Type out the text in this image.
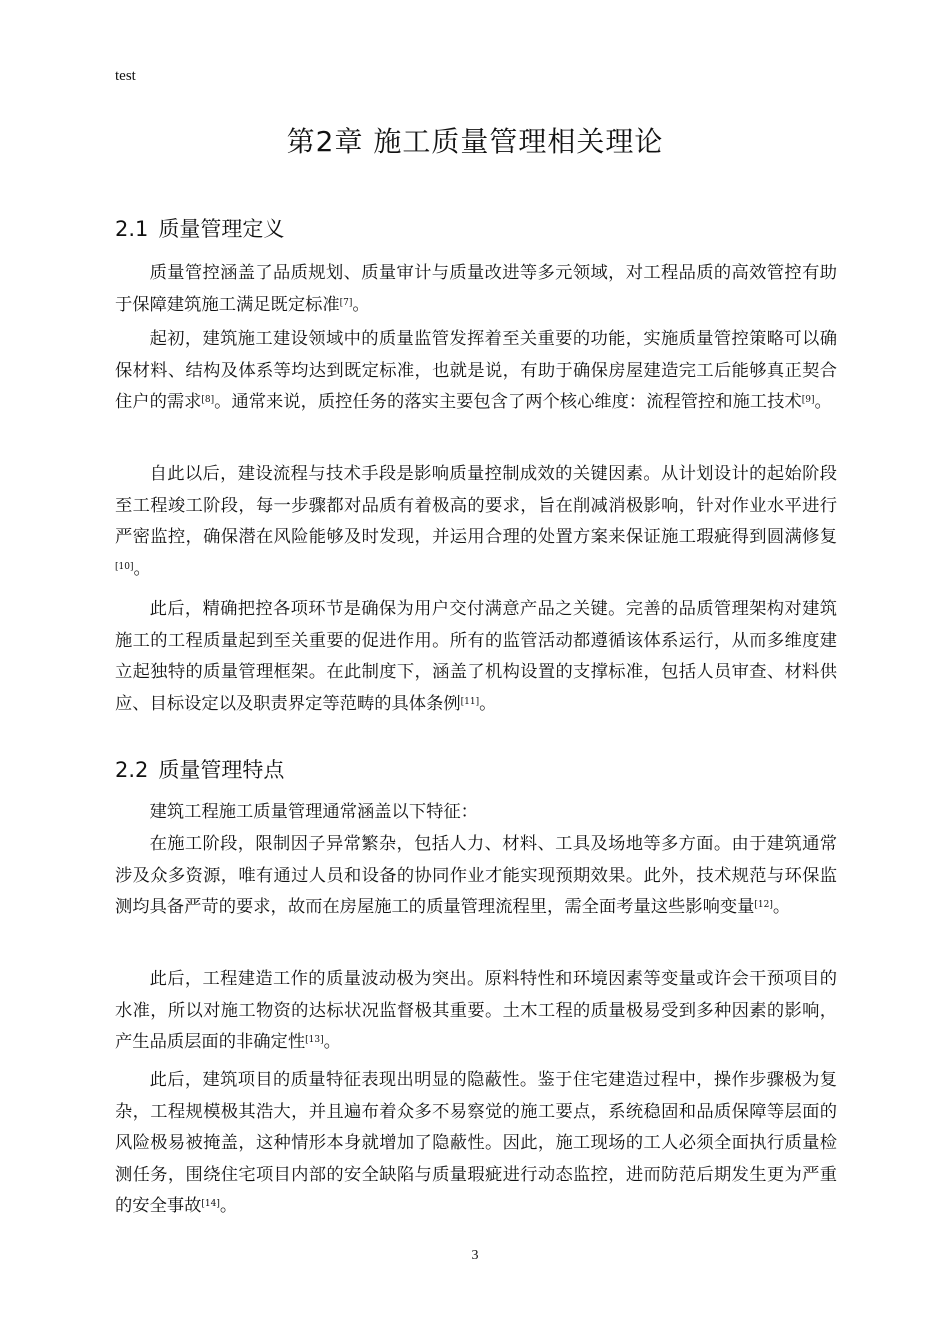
test
第2章 施工质量管理相关理论
2.1 质量管理定义

质量管控涵盖了品质规划、质量审计与质量改进等多元领域，对工程品质的高效管控有助于保障建筑施工满足既定标准[7]。

起初，建筑施工建设领域中的质量监管发挥着至关重要的功能，实施质量管控策略可以确保材料、结构及体系等均达到既定标准，也就是说，有助于确保房屋建造完工后能够真正契合住户的需求[8]。通常来说，质控任务的落实主要包含了两个核心维度：流程管控和施工技术[9]。

自此以后，建设流程与技术手段是影响质量控制成效的关键因素。从计划设计的起始阶段至工程竣工阶段，每一步骤都对品质有着极高的要求，旨在削减消极影响，针对作业水平进行严密监控，确保潜在风险能够及时发现，并运用合理的处置方案来保证施工瑕疵得到圆满修复[10]。

此后，精确把控各项环节是确保为用户交付满意产品之关键。完善的品质管理架构对建筑施工的工程质量起到至关重要的促进作用。所有的监管活动都遵循该体系运行，从而多维度建立起独特的质量管理框架。在此制度下，涵盖了机构设置的支撑标准，包括人员审查、材料供应、目标设定以及职责界定等范畴的具体条例[11]。

2.2 质量管理特点

建筑工程施工质量管理通常涵盖以下特征：

在施工阶段，限制因子异常繁杂，包括人力、材料、工具及场地等多方面。由于建筑通常涉及众多资源，唯有通过人员和设备的协同作业才能实现预期效果。此外，技术规范与环保监测均具备严苛的要求，故而在房屋施工的质量管理流程里，需全面考量这些影响变量[12]。

此后，工程建造工作的质量波动极为突出。原料特性和环境因素等变量或许会干预项目的水准，所以对施工物资的达标状况监督极其重要。土木工程的质量极易受到多种因素的影响，产生品质层面的非确定性[13]。

此后，建筑项目的质量特征表现出明显的隐蔽性。鉴于住宅建造过程中，操作步骤极为复杂，工程规模极其浩大，并且遍布着众多不易察觉的施工要点，系统稳固和品质保障等层面的风险极易被掩盖，这种情形本身就增加了隐蔽性。因此，施工现场的工人必须全面执行质量检测任务，围绕住宅项目内部的安全缺陷与质量瑕疵进行动态监控，进而防范后期发生更为严重的安全事故[14]。

3
